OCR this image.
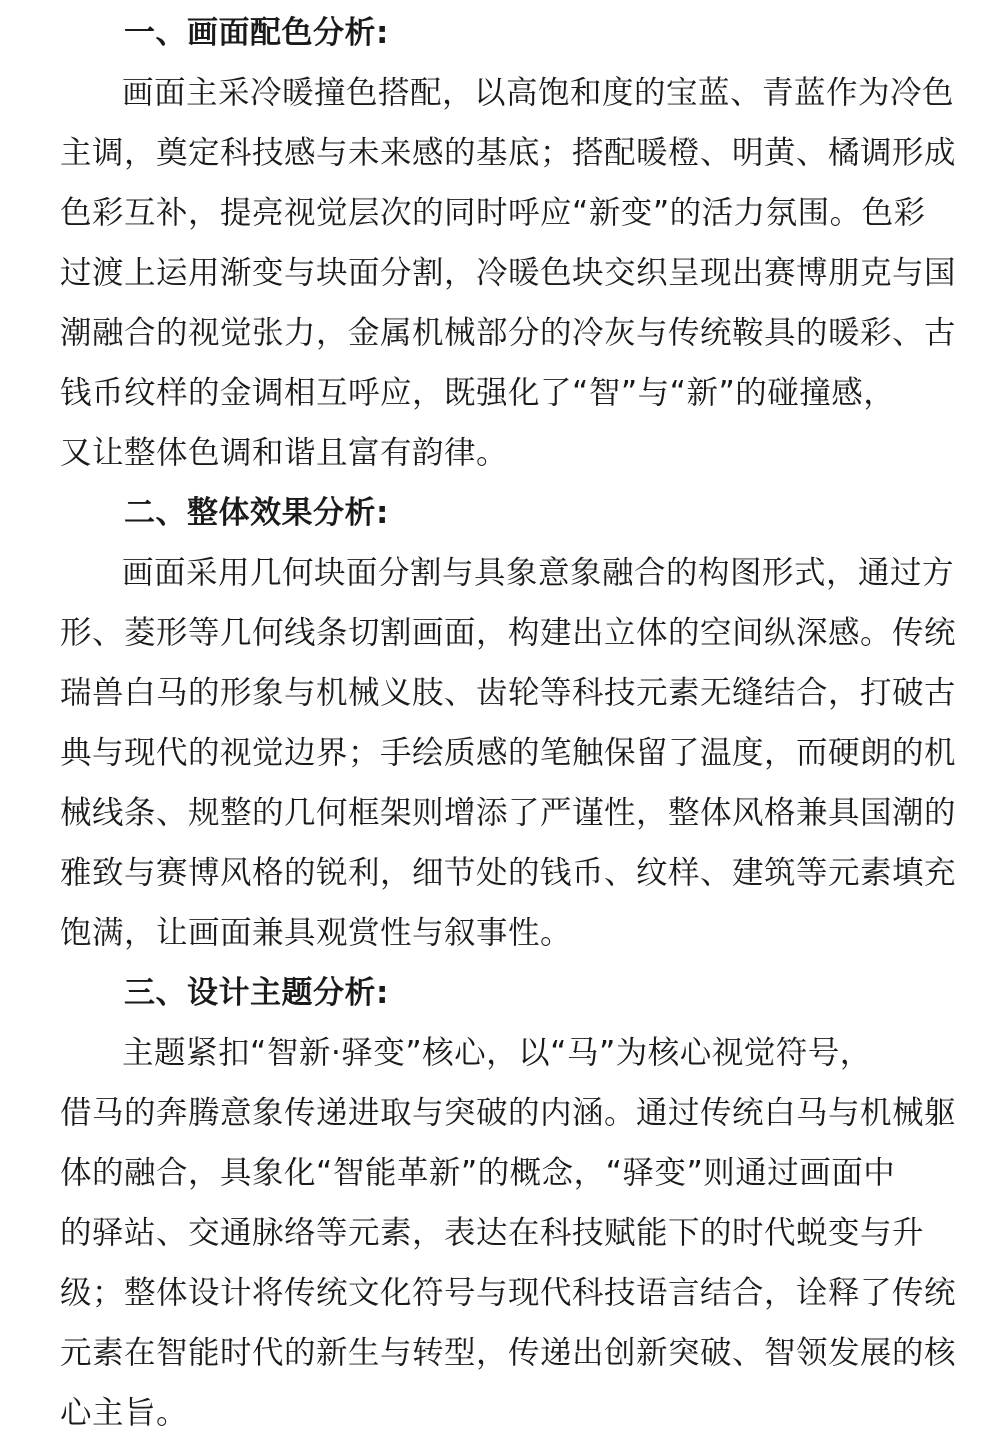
一、画面配色分析:
画面主采冷暖撞色搭配，以高饱和度的宝蓝、青蓝作为冷色
主调，奠定科技感与未来感的基底；搭配暖橙、明黄、橘调形成
色彩互补，提亮视觉层次的同时呼应“新变”的活力氛围。色彩
过渡上运用渐变与块面分割，冷暖色块交织呈现出赛博朋克与国
潮融合的视觉张力，金属机械部分的冷灰与传统鞍具的暖彩、古
钱币纹样的金调相互呼应，既强化了“智”与“新”的碰撞感，
又让整体色调和谐且富有韵律。
二、整体效果分析:
画面采用几何块面分割与具象意象融合的构图形式，通过方
形、菱形等几何线条切割画面，构建出立体的空间纵深感。传统
瑞兽白马的形象与机械义肢、齿轮等科技元素无缝结合，打破古
典与现代的视觉边界；手绘质感的笔触保留了温度，而硬朗的机
械线条、规整的几何框架则增添了严谨性，整体风格兼具国潮的
雅致与赛博风格的锐利，细节处的钱币、纹样、建筑等元素填充
饱满，让画面兼具观赏性与叙事性。
三、设计主题分析:
主题紧扣“智新·驿变”核心，以“马”为核心视觉符号，
借马的奔腾意象传递进取与突破的内涵。通过传统白马与机械躯
体的融合，具象化“智能革新”的概念，“驿变”则通过画面中
的驿站、交通脉络等元素，表达在科技赋能下的时代蜕变与升
级；整体设计将传统文化符号与现代科技语言结合，诠释了传统
元素在智能时代的新生与转型，传递出创新突破、智领发展的核
心主旨。
